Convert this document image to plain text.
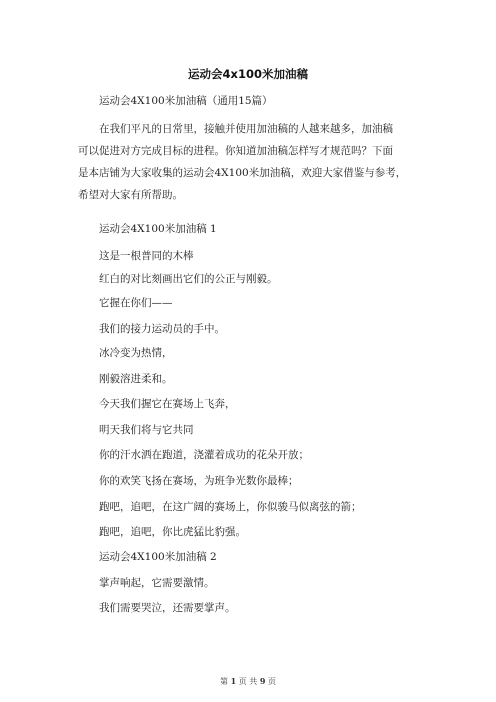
运动会4x100米加油稿
运动会4X100米加油稿（通用15篇）
在我们平凡的日常里，接触并使用加油稿的人越来越多，加油稿
可以促进对方完成目标的进程。你知道加油稿怎样写才规范吗？下面
是本店铺为大家收集的运动会4X100米加油稿，欢迎大家借鉴与参考，
希望对大家有所帮助。
运动会4X100米加油稿 1
这是一根普同的木棒
红白的对比刻画出它们的公正与刚毅。
它握在你们——
我们的接力运动员的手中。
冰冷变为热情，
刚毅溶进柔和。
今天我们握它在赛场上飞奔，
明天我们将与它共同
你的汗水洒在跑道，浇灌着成功的花朵开放；
你的欢笑飞扬在赛场，为班争光数你最棒；
跑吧，追吧，在这广阔的赛场上，你似骏马似离弦的箭；
跑吧，追吧，你比虎猛比豹强。
运动会4X100米加油稿 2
掌声响起，它需要激情。
我们需要哭泣，还需要掌声。
第 1 页 共 9 页
